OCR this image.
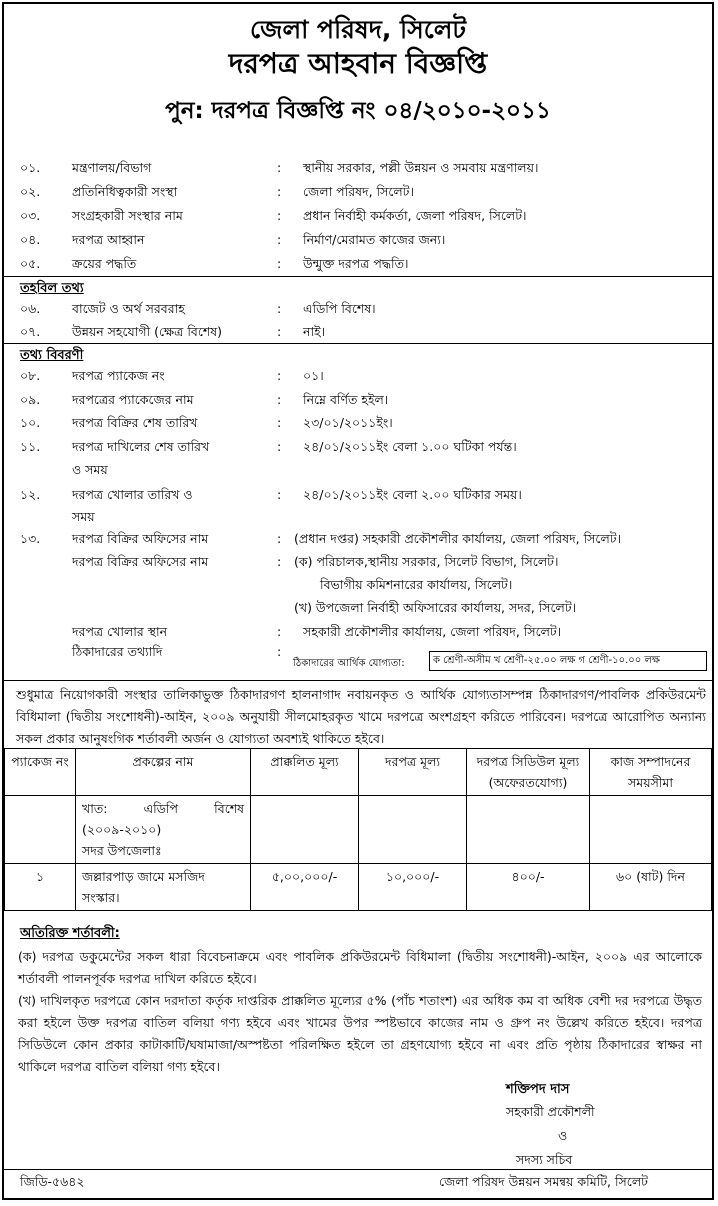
জেলা পরিষদ, সিলেট
দরপত্র আহবান বিজ্ঞপ্তি
পুন: দরপত্র বিজ্ঞপ্তি নং ০৪/২০১০-২০১১
০১.	মন্ত্রণালয়/বিভাগ	: স্থানীয় সরকার, পল্লী উন্নয়ন ও সমবায় মন্ত্রণালয়।
০২.	প্রতিনিধিত্বকারী সংস্থা	: জেলা পরিষদ, সিলেট।
০৩.	সংগ্রহকারী সংস্থার নাম	: প্রধান নির্বাহী কর্মকর্তা, জেলা পরিষদ, সিলেট।
০৪.	দরপত্র আহ্বান	: নির্মাণ/মেরামত কাজের জন্য।
০৫.	ক্রয়ের পদ্ধতি	: উন্মুক্ত দরপত্র পদ্ধতি।
তহবিল তথ্য
০৬.	বাজেট ও অর্থ সরবরাহ	: এডিপি বিশেষ।
০৭.	উন্নয়ন সহযোগী (ক্ষেত্র বিশেষ)	: নাই।
তথ্য বিবরণী
০৮.	দরপত্র প্যাকেজ নং	: ০১।
০৯.	দরপত্রের প্যাকেজের নাম	: নিম্নে বর্ণিত হইল।
১০.	দরপত্র বিক্রির শেষ তারিখ	: ২৩/০১/২০১১ইং।
১১.	দরপত্র দাখিলের শেষ তারিখ
ও সময়
: ২৪/০১/২০১১ইং বেলা ১.০০ ঘটিকা পর্যন্ত।
১২.	দরপত্র খোলার তারিখ ও
সময়
: ২৪/০১/২০১১ইং বেলা ২.০০ ঘটিকার সময়।
১৩.	দরপত্র বিক্রির অফিসের নাম	: (প্রধান দপ্তর) সহকারী প্রকৌশলীর কার্যালয়, জেলা পরিষদ, সিলেট।
দরপত্র বিক্রির অফিসের নাম	: (ক) পরিচালক,স্থানীয় সরকার, সিলেট বিভাগ, সিলেট।
বিভাগীয় কমিশনারের কার্যালয়, সিলেট।
(খ) উপজেলা নির্বাহী অফিসারের কার্যালয়, সদর, সিলেট।
দরপত্র খোলার স্থান	: সহকারী প্রকৌশলীর কার্যালয়, জেলা পরিষদ, সিলেট।
ঠিকাদারের তথ্যাদি	:
ঠিকাদারের আর্থিক যোগ্যতা:	ক শ্রেণী-অসীম খ শ্রেণী-২৫.০০ লক্ষ গ শ্রেণী-১০.০০ লক্ষ
শুধুমাত্র নিয়োগকারী সংস্থার তালিকাভুক্ত ঠিকাদারগণ হালনাগাদ নবায়নকৃত ও আর্থিক যোগ্যতাসম্পন্ন ঠিকাদারগণ/পাবলিক প্রকিউরমেন্ট বিধিমালা (দ্বিতীয় সংশোধনী)-আইন, ২০০৯ অনুযায়ী সীলমোহরকৃত খামে দরপত্রে অংশগ্রহণ করিতে পারিবেন। দরপত্রে আরোপিত অন্যান্য সকল প্রকার আনুষংগিক শর্তাবলী অর্জন ও যোগ্যতা অবশ্যই থাকিতে হইবে।
প্যাকেজ নং	প্রকল্পের নাম	প্রাক্কলিত মূল্য	দরপত্র মূল্য	দরপত্র সিডিউল মূল্য (অফেরতযোগ্য)	কাজ সম্পাদনের সময়সীমা

	খাত: এডিপি বিশেষ
(২০০৯-২০১০)
সদর উপজেলাঃ				

১	জল্লারপাড় জামে মসজিদ সংস্কার।	৫,০০,০০০/-	১০,০০০/-	৪০০/-	৬০ (ষাট) দিন
অতিরিক্ত শর্তাবলী:
(ক) দরপত্র ডকুমেন্টের সকল ধারা বিবেচনাক্রমে এবং পাবলিক প্রকিউরমেন্ট বিধিমালা (দ্বিতীয় সংশোধনী)-আইন, ২০০৯ এর আলোকে শর্তাবলী পালনপূর্বক দরপত্র দাখিল করিতে হইবে।
(খ) দাখিলকৃত দরপত্রে কোন দরদাতা কর্তৃক দাপ্তরিক প্রাক্কলিত মূল্যের ৫% (পাঁচ শতাংশ) এর অধিক কম বা অধিক বেশী দর দরপত্রে উদ্ধৃত করা হইলে উক্ত দরপত্র বাতিল বলিয়া গণ্য হইবে এবং খামের উপর স্পষ্টভাবে কাজের নাম ও গ্রুপ নং উল্লেখ করিতে হইবে। দরপত্র সিডিউলে কোন প্রকার কাটাকাটি/ঘষামাজা/অস্পষ্টতা পরিলক্ষিত হইলে তা গ্রহণযোগ্য হইবে না এবং প্রতি পৃষ্ঠায় ঠিকাদারের স্বাক্ষর না থাকিলে দরপত্র বাতিল বলিয়া গণ্য হইবে।
শক্তিপদ দাস
সহকারী প্রকৌশলী
ও
সদস্য সচিব
জিডি-৫৬৪২	জেলা পরিষদ উন্নয়ন সমন্বয় কমিটি, সিলেট
